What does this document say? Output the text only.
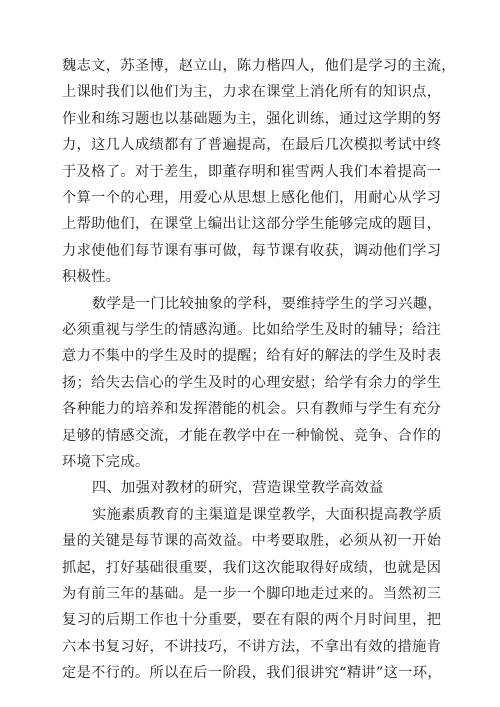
魏志文，苏圣博，赵立山，陈力楷四人，他们是学习的主流，
上课时我们以他们为主，力求在课堂上消化所有的知识点，
作业和练习题也以基础题为主，强化训练，通过这学期的努
力，这几人成绩都有了普遍提高，在最后几次模拟考试中终
于及格了。对于差生，即董存明和崔雪两人我们本着提高一
个算一个的心理，用爱心从思想上感化他们，用耐心从学习
上帮助他们，在课堂上编出让这部分学生能够完成的题目，
力求使他们每节课有事可做，每节课有收获，调动他们学习
积极性。
数学是一门比较抽象的学科，要维持学生的学习兴趣，
必须重视与学生的情感沟通。比如给学生及时的辅导；给注
意力不集中的学生及时的提醒；给有好的解法的学生及时表
扬；给失去信心的学生及时的心理安慰；给学有余力的学生
各种能力的培养和发挥潜能的机会。只有教师与学生有充分
足够的情感交流，才能在教学中在一种愉悦、竞争、合作的
环境下完成。
四、加强对教材的研究，营造课堂教学高效益
实施素质教育的主渠道是课堂教学，大面积提高教学质
量的关键是每节课的高效益。中考要取胜，必须从初一开始
抓起，打好基础很重要，我们这次能取得好成绩，也就是因
为有前三年的基础。是一步一个脚印地走过来的。当然初三
复习的后期工作也十分重要，要在有限的两个月时间里，把
六本书复习好，不讲技巧，不讲方法，不拿出有效的措施肯
定是不行的。所以在后一阶段，我们很讲究“精讲”这一环，
